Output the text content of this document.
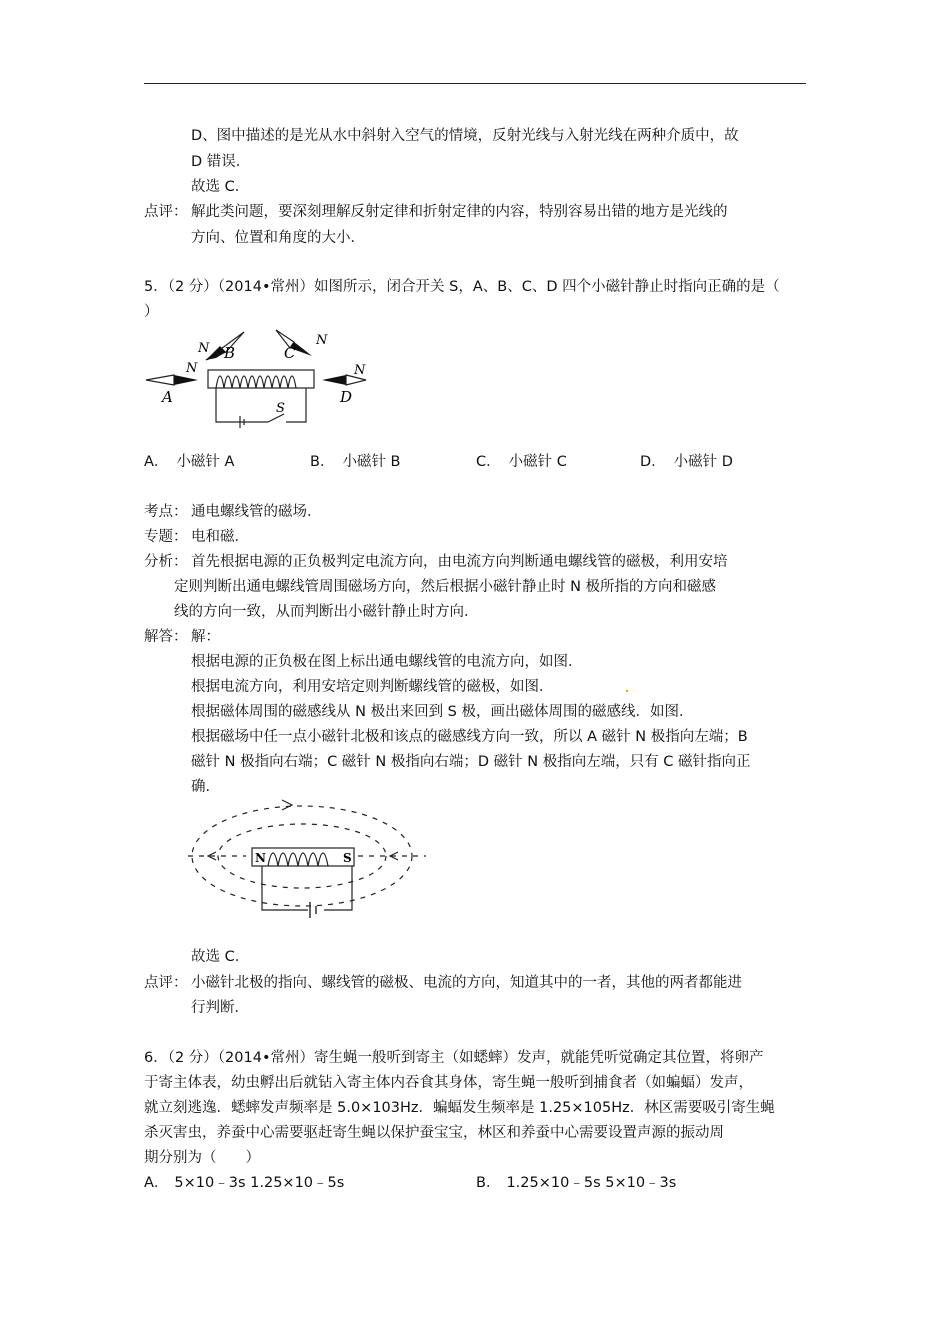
D、图中描述的是光从水中斜射入空气的情境，反射光线与入射光线在两种介质中，故
D 错误．
故选 C．
点评： 解此类问题，要深刻理解反射定律和折射定律的内容，特别容易出错的地方是光线的
方向、位置和角度的大小．
5．（2 分）（2014•常州）如图所示，闭合开关 S，A、B、C、D 四个小磁针静止时指向正确的是（
）
N B
N
C
N
A
N
D
S
A． 小磁针 A	B． 小磁针 B	C． 小磁针 C	D． 小磁针 D
考点： 通电螺线管的磁场．
专题： 电和磁．
分析： 首先根据电源的正负极判定电流方向，由电流方向判断通电螺线管的磁极，利用安培
定则判断出通电螺线管周围磁场方向，然后根据小磁针静止时 N 极所指的方向和磁感
线的方向一致，从而判断出小磁针静止时方向．
解答： 解：
根据电源的正负极在图上标出通电螺线管的电流方向，如图．
根据电流方向，利用安培定则判断螺线管的磁极，如图．
根据磁体周围的磁感线从 N 极出来回到 S 极，画出磁体周围的磁感线．如图．
根据磁场中任一点小磁针北极和该点的磁感线方向一致，所以 A 磁针 N 极指向左端；B
磁针 N 极指向右端；C 磁针 N 极指向右端；D 磁针 N 极指向左端，只有 C 磁针指向正
确．
N	S
故选 C．
点评： 小磁针北极的指向、螺线管的磁极、电流的方向，知道其中的一者，其他的两者都能进
行判断．
6．（2 分）（2014•常州）寄生蝇一般听到寄主（如蟋蟀）发声，就能凭听觉确定其位置，将卵产
于寄主体表，幼虫孵出后就钻入寄主体内吞食其身体，寄生蝇一般听到捕食者（如蝙蝠）发声，
就立刻逃逸．蟋蟀发声频率是 5.0×103Hz．蝙蝠发生频率是 1.25×105Hz．林区需要吸引寄生蝇
杀灭害虫，养蚕中心需要驱赶寄生蝇以保护蚕宝宝，林区和养蚕中心需要设置声源的振动周
期分别为（　　）
A． 5×10﹣3s 1.25×10﹣5s	B． 1.25×10﹣5s 5×10﹣3s
